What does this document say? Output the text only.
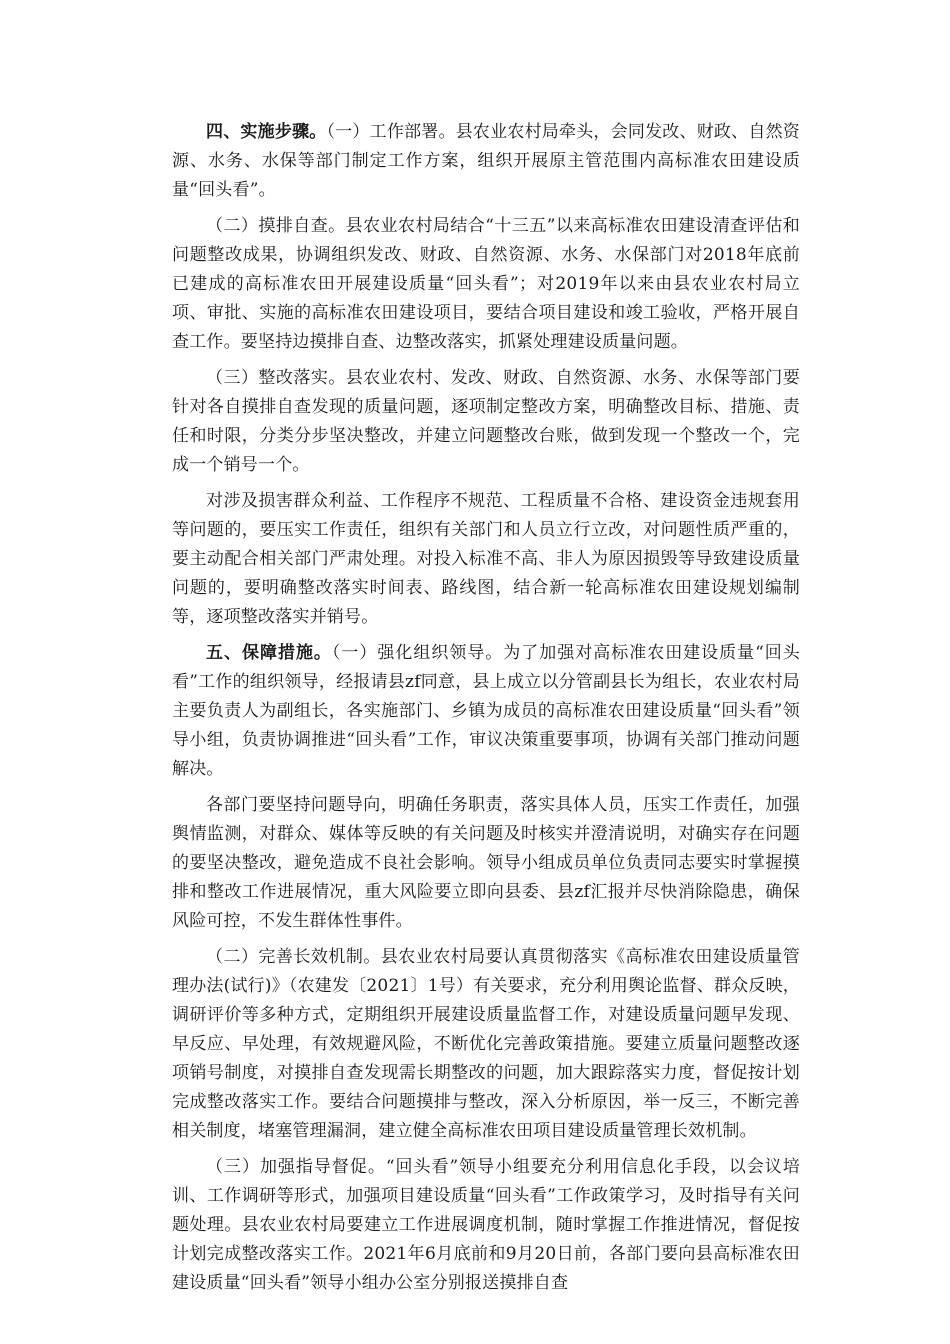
四、实施步骤。（一）工作部署。县农业农村局牵头，会同发改、财政、自然资源、水务、水保等部门制定工作方案，组织开展原主管范围内高标准农田建设质量“回头看”。

（二）摸排自查。县农业农村局结合“十三五”以来高标准农田建设清查评估和问题整改成果，协调组织发改、财政、自然资源、水务、水保部门对2018年底前已建成的高标准农田开展建设质量“回头看”；对2019年以来由县农业农村局立项、审批、实施的高标准农田建设项目，要结合项目建设和竣工验收，严格开展自查工作。要坚持边摸排自查、边整改落实，抓紧处理建设质量问题。

（三）整改落实。县农业农村、发改、财政、自然资源、水务、水保等部门要针对各自摸排自查发现的质量问题，逐项制定整改方案，明确整改目标、措施、责任和时限，分类分步坚决整改，并建立问题整改台账，做到发现一个整改一个，完成一个销号一个。

对涉及损害群众利益、工作程序不规范、工程质量不合格、建设资金违规套用等问题的，要压实工作责任，组织有关部门和人员立行立改，对问题性质严重的，要主动配合相关部门严肃处理。对投入标准不高、非人为原因损毁等导致建设质量问题的，要明确整改落实时间表、路线图，结合新一轮高标准农田建设规划编制等，逐项整改落实并销号。

五、保障措施。（一）强化组织领导。为了加强对高标准农田建设质量“回头看”工作的组织领导，经报请县zf同意，县上成立以分管副县长为组长，农业农村局主要负责人为副组长，各实施部门、乡镇为成员的高标准农田建设质量“回头看”领导小组，负责协调推进“回头看”工作，审议决策重要事项，协调有关部门推动问题解决。

各部门要坚持问题导向，明确任务职责，落实具体人员，压实工作责任，加强舆情监测，对群众、媒体等反映的有关问题及时核实并澄清说明，对确实存在问题的要坚决整改，避免造成不良社会影响。领导小组成员单位负责同志要实时掌握摸排和整改工作进展情况，重大风险要立即向县委、县zf汇报并尽快消除隐患，确保风险可控，不发生群体性事件。

（二）完善长效机制。县农业农村局要认真贯彻落实《高标准农田建设质量管理办法(试行)》（农建发〔2021〕1号）有关要求，充分利用舆论监督、群众反映，调研评价等多种方式，定期组织开展建设质量监督工作，对建设质量问题早发现、早反应、早处理，有效规避风险，不断优化完善政策措施。要建立质量问题整改逐项销号制度，对摸排自查发现需长期整改的问题，加大跟踪落实力度，督促按计划完成整改落实工作。要结合问题摸排与整改，深入分析原因，举一反三，不断完善相关制度，堵塞管理漏洞，建立健全高标准农田项目建设质量管理长效机制。

（三）加强指导督促。“回头看”领导小组要充分利用信息化手段，以会议培训、工作调研等形式，加强项目建设质量“回头看”工作政策学习，及时指导有关问题处理。县农业农村局要建立工作进展调度机制，随时掌握工作推进情况，督促按计划完成整改落实工作。2021年6月底前和9月20日前，各部门要向县高标准农田建设质量“回头看”领导小组办公室分别报送摸排自查
